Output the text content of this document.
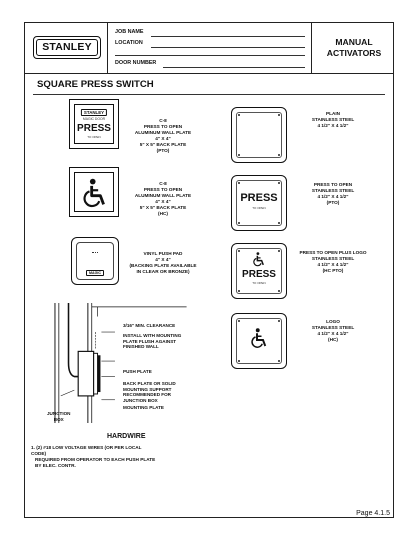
STANLEY
JOB NAME
LOCATION
DOOR NUMBER
MANUAL
ACTIVATORS
SQUARE PRESS SWITCH
STANLEY
MAGIC DOOR
PRESS
TO OPEN
C-8
PRESS TO OPEN
ALUMINUM WALL PLATE
4" X 4"
5" X 5" BACK PLATE
(PTO)
C-8
PRESS TO OPEN
ALUMINUM WALL PLATE
4" X 4"
5" X 5" BACK PLATE
(HC)
MAGIC
VINYL PUSH PAD
4" X 4"
(BACKING PLATE AVAILABLE
IN CLEAR OR BRONZE)
PLAIN
STAINLESS STEEL
4 1/2" X 4 1/2"
PRESS
TO OPEN
PRESS TO OPEN
STAINLESS STEEL
4 1/2" X 4 1/2"
(PTO)
PRESS
TO OPEN
PRESS TO OPEN PLUS LOGO
STAINLESS STEEL
4 1/2" X 4 1/2"
(HC PTO)
LOGO
STAINLESS STEEL
4 1/2" X 4 1/2"
(HC)
3/16" MIN. CLEARANCE
INSTALL WITH MOUNTING
PLATE FLUSH AGAINST
FINISHED WALL
PUSH PLATE
BACK PLATE OR SOLID
MOUNTING SUPPORT
RECOMMENDED FOR
JUNCTION BOX
JUNCTION
BOX
MOUNTING PLATE
HARDWIRE
1. (2) #18 LOW VOLTAGE WIRES (OR PER LOCAL
CODE)
REQUIRED FROM OPERATOR TO EACH PUSH PLATE
BY ELEC. CONTR.
Page 4.1.5
